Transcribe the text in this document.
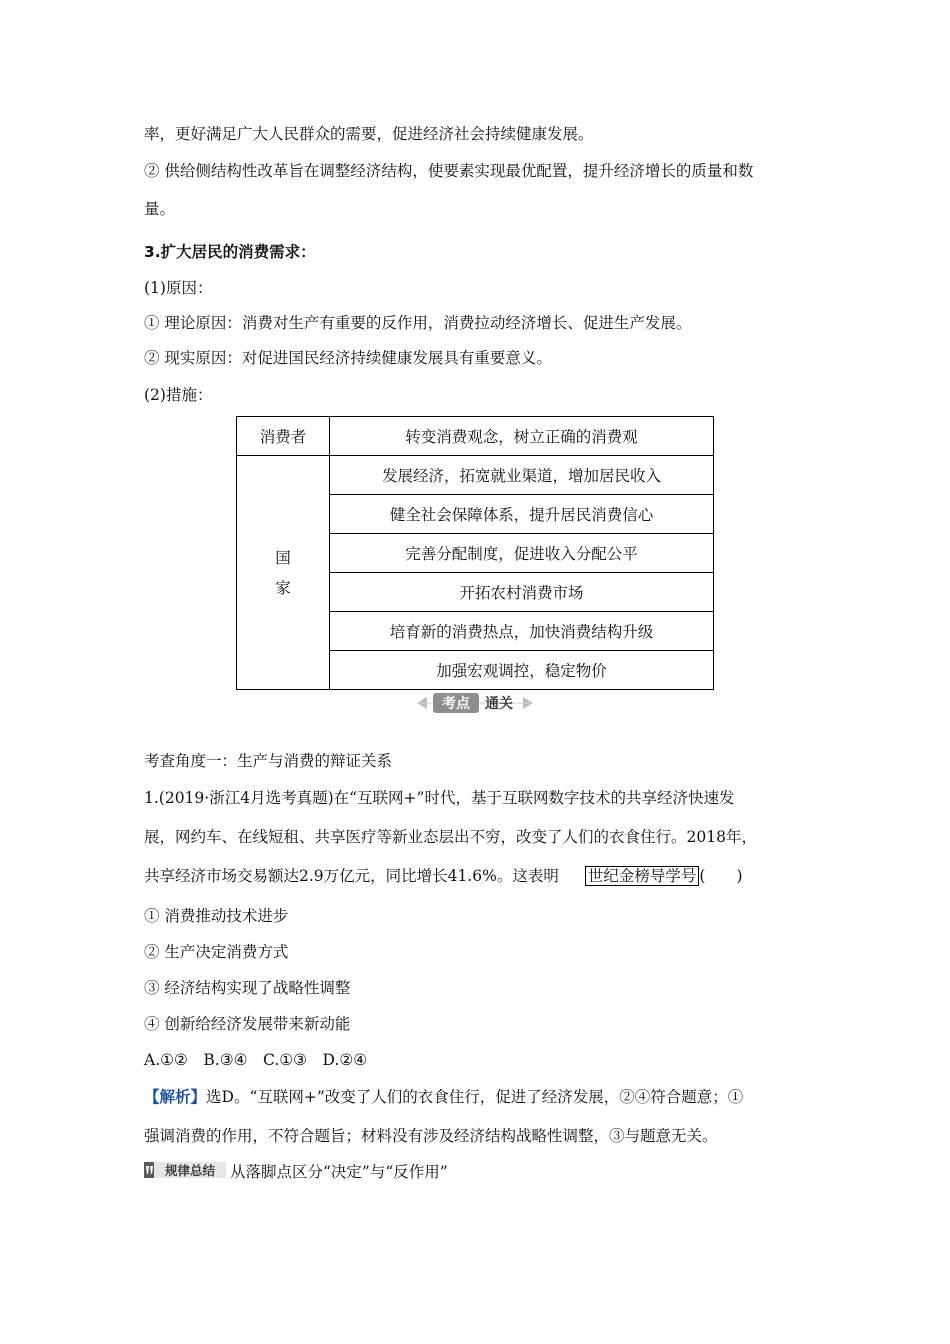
率，更好满足广大人民群众的需要，促进经济社会持续健康发展。
② 供给侧结构性改革旨在调整经济结构，使要素实现最优配置，提升经济增长的质量和数
量。
3.扩大居民的消费需求：
(1)原因：
① 理论原因：消费对生产有重要的反作用，消费拉动经济增长、促进生产发展。
② 现实原因：对促进国民经济持续健康发展具有重要意义。
(2)措施：
消费者	转变消费观念，树立正确的消费观
国
家	发展经济，拓宽就业渠道，增加居民收入
	健全社会保障体系，提升居民消费信心
	完善分配制度，促进收入分配公平
	开拓农村消费市场
	培育新的消费热点，加快消费结构升级
	加强宏观调控，稳定物价
考点 通关
考查角度一：生产与消费的辩证关系
1.(2019·浙江4月选考真题)在“互联网+”时代，基于互联网数字技术的共享经济快速发
展，网约车、在线短租、共享医疗等新业态层出不穷，改变了人们的衣食住行。2018年，
共享经济市场交易额达2.9万亿元，同比增长41.6%。这表明 世纪金榜导学号 (　　)
① 消费推动技术进步
② 生产决定消费方式
③ 经济结构实现了战略性调整
④ 创新给经济发展带来新动能
A.①②　B.③④　C.①③　D.②④
【解析】选D。“互联网+”改变了人们的衣食住行，促进了经济发展，②④符合题意；①
强调消费的作用，不符合题旨；材料没有涉及经济结构战略性调整，③与题意无关。
规律总结 从落脚点区分“决定”与“反作用”
